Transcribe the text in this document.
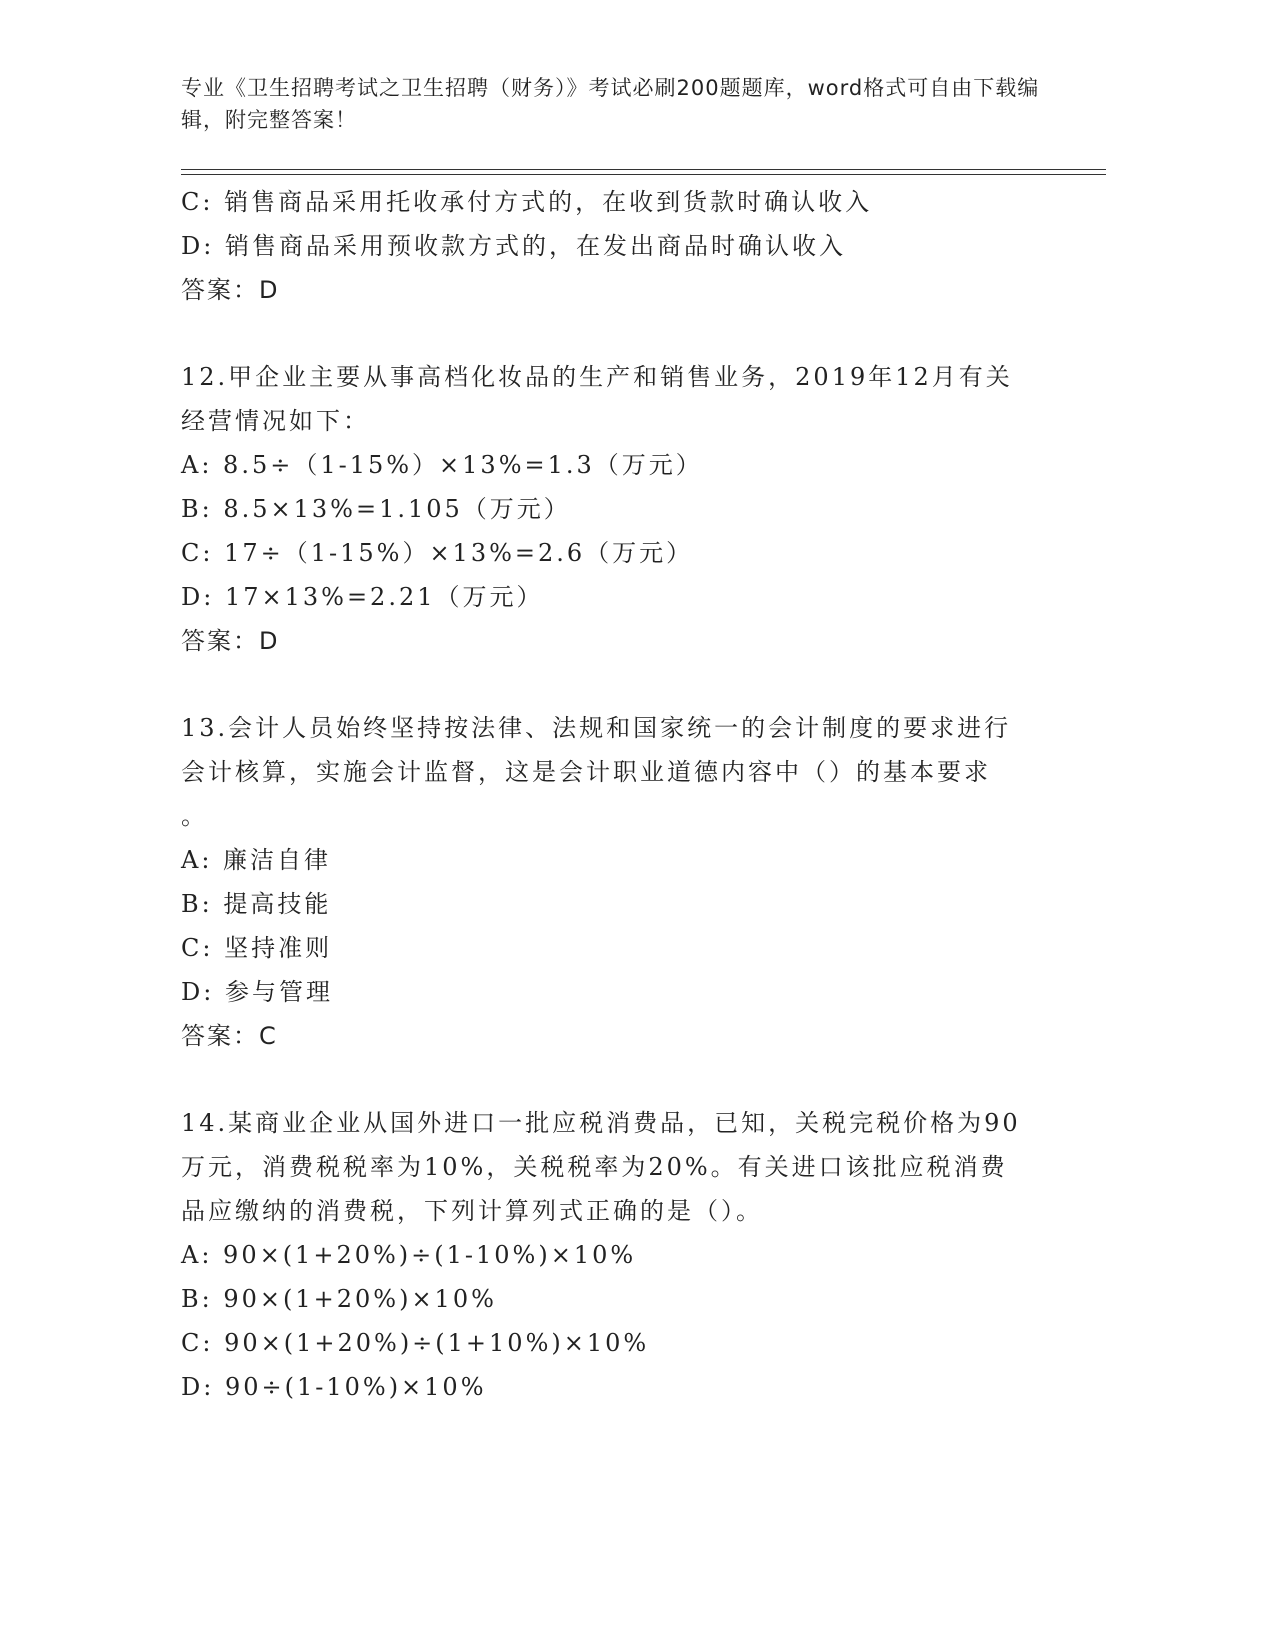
专业《卫生招聘考试之卫生招聘（财务）》考试必刷200题题库，word格式可自由下载编辑，附完整答案！
C: 销售商品采用托收承付方式的，在收到货款时确认收入
D: 销售商品采用预收款方式的，在发出商品时确认收入
答案：D
12.甲企业主要从事高档化妆品的生产和销售业务，2019年12月有关
经营情况如下：
A: 8.5÷（1-15%）×13%=1.3（万元）
B: 8.5×13%=1.105（万元）
C: 17÷（1-15%）×13%=2.6（万元）
D: 17×13%=2.21（万元）
答案：D
13.会计人员始终坚持按法律、法规和国家统一的会计制度的要求进行
会计核算，实施会计监督，这是会计职业道德内容中（）的基本要求
。
A: 廉洁自律
B: 提高技能
C: 坚持准则
D: 参与管理
答案：C
14.某商业企业从国外进口一批应税消费品，已知，关税完税价格为90
万元，消费税税率为10%，关税税率为20%。有关进口该批应税消费
品应缴纳的消费税，下列计算列式正确的是（）。
A: 90×(1+20%)÷(1-10%)×10%
B: 90×(1+20%)×10%
C: 90×(1+20%)÷(1+10%)×10%
D: 90÷(1-10%)×10%
